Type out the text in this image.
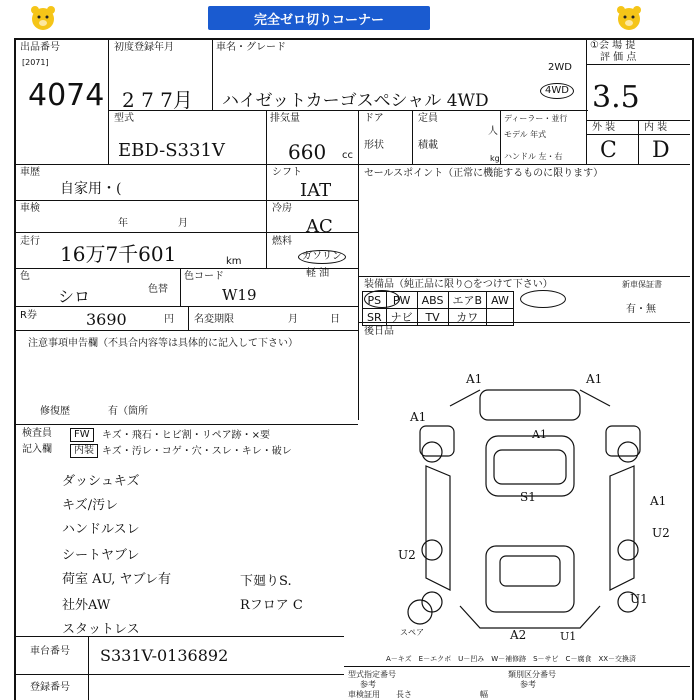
完全ゼロ切りコーナー
出品番号
[2071]
4074
初度登録年月
2 7 7月
車名・グレード
ハイゼットカーゴスペシャル 4WD
2WD
4WD
①会 場 提
評 価 点
3.5
外 装	内 装
C D
型式
EBD-S331V
排気量
660 cc
ドア	定員
人
ディーラー・並行
モデル 年式
形状	積載
kg ハンドル 左・右
車歴
自家用・(
車検
年	月
走行
16万7千601	km
色
シロ	色替
色コード
W19
シフト
IAT
冷房
AC
燃料
ガソリン
軽 油
R券	3690	円 名変期限	月	日
セールスポイント（正常に機能するものに限ります）
装備品（純正品に限り○をつけて下さい）	新車保証書
有・無
PS	PW	ABS	エアB	AW
SR	ナビ	TV	カワ	
後日品
注意事項申告欄（不具合内容等は具体的に記入して下さい）
修復歴	有（箇所
検査員
記入欄
FW	キズ・飛石・ヒビ割・リペア跡・×要
内装 キズ・汚レ・コゲ・穴・スレ・キレ・破レ
ダッシュキズ
キズ/汚レ
ハンドルスレ
シートヤブレ
荷室 AU, ヤブレ有
社外AW
スタットレス
下廻りS.
Rフロア C
A1	A1
A1
A1
S1	A1
U2
U2
U1
A2	U1
スペア
A－キズ　E－エクボ　U－凹み　W－補修跡　S－サビ　C－腐食　XX－交換済
車台番号 S331V-0136892
登録番号
型式指定番号
参考
類別区分番号
参考
車検証用 長さ	幅
